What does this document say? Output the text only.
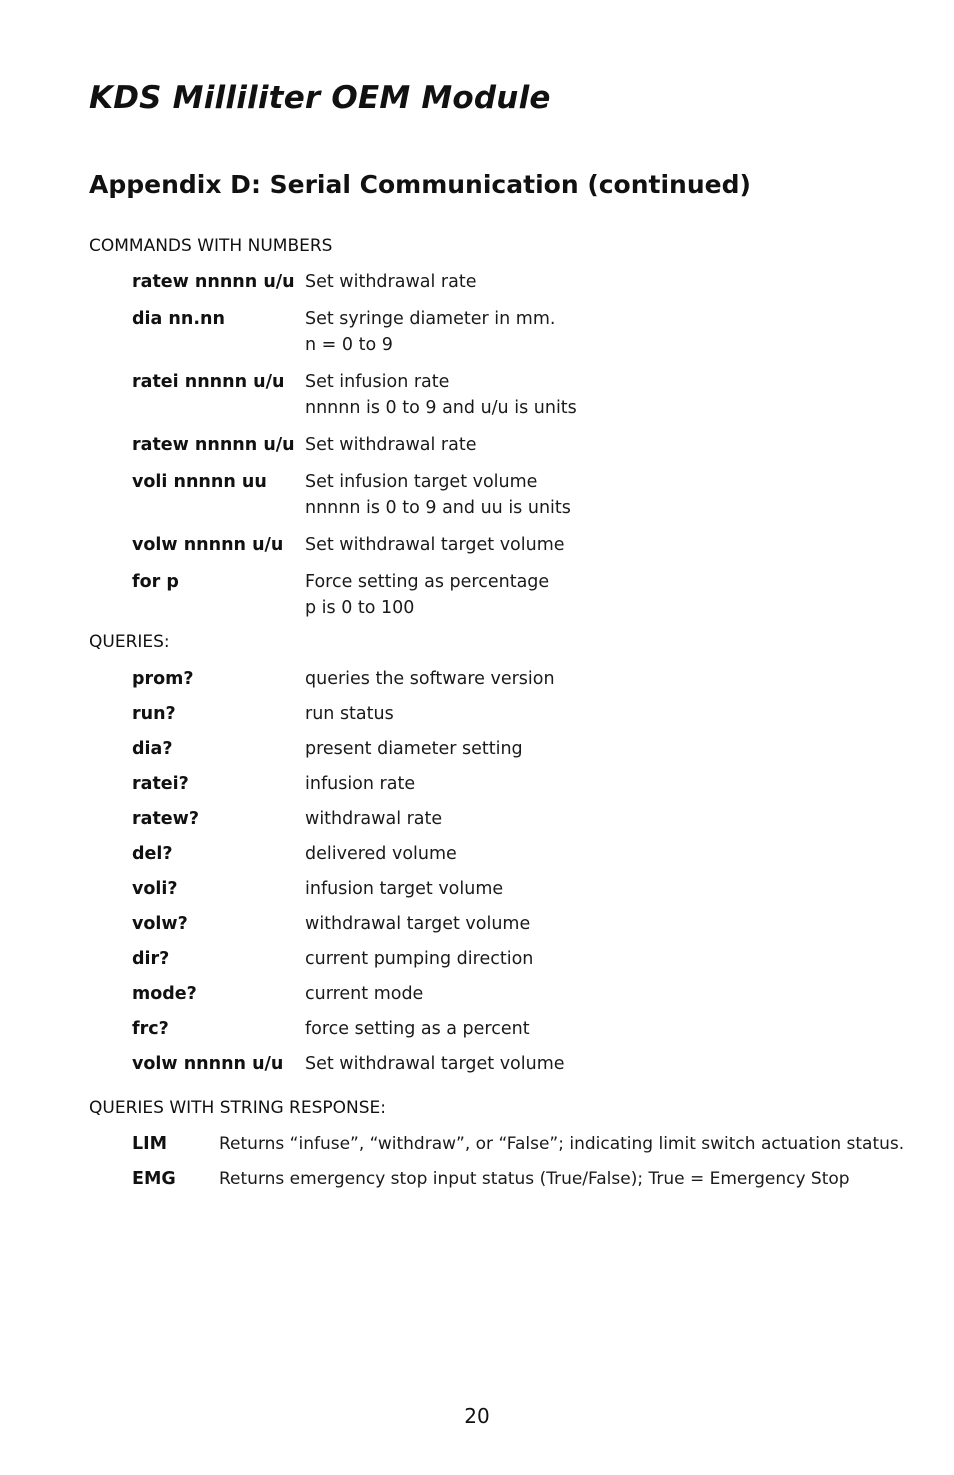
KDS Milliliter OEM Module
Appendix D: Serial Communication (continued)
COMMANDS WITH NUMBERS
ratew nnnnn u/u Set withdrawal rate
dia nn.nn	Set syringe diameter in mm.
n = 0 to 9
ratei nnnnn u/u	Set infusion rate
nnnnn is 0 to 9 and u/u is units
ratew nnnnn u/u Set withdrawal rate
voli nnnnn uu	Set infusion target volume
nnnnn is 0 to 9 and uu is units
volw nnnnn u/u	Set withdrawal target volume
for p	Force setting as percentage
p is 0 to 100
QUERIES:
prom?	queries the software version
run?	run status
dia?	present diameter setting
ratei?	infusion rate
ratew?	withdrawal rate
del?	delivered volume
voli?	infusion target volume
volw?	withdrawal target volume
dir?	current pumping direction
mode?	current mode
frc?	force setting as a percent
volw nnnnn u/u	Set withdrawal target volume
QUERIES WITH STRING RESPONSE:
LIM	Returns “infuse”, “withdraw”, or “False”; indicating limit switch actuation status.
EMG	Returns emergency stop input status (True/False); True = Emergency Stop
20
